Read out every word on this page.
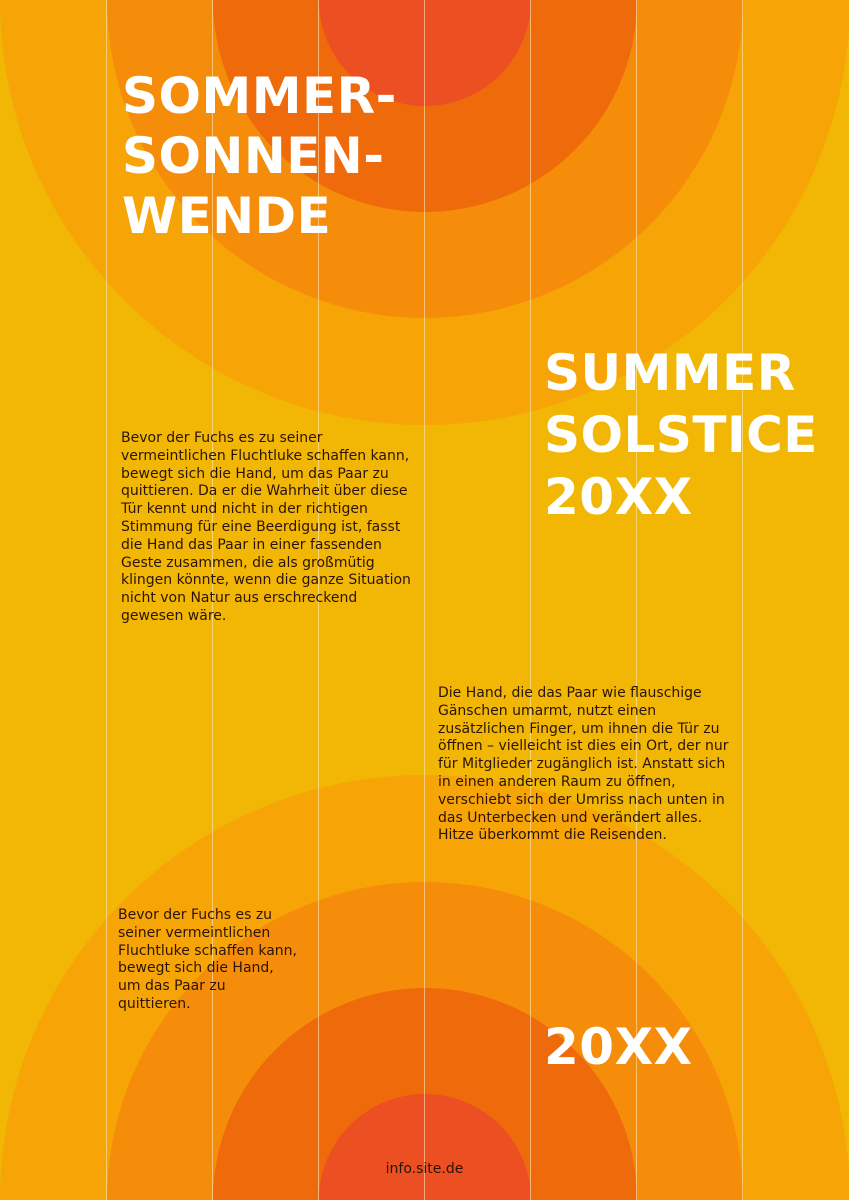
SOMMER-
SONNEN-
WENDE
SUMMER
SOLSTICE
20XX

Bevor der Fuchs es zu seiner vermeintlichen Fluchtluke schaffen kann, bewegt sich die Hand, um das Paar zu quittieren. Da er die Wahrheit über diese Tür kennt und nicht in der richtigen Stimmung für eine Beerdigung ist, fasst die Hand das Paar in einer fassenden Geste zusammen, die als großmütig klingen könnte, wenn die ganze Situation nicht von Natur aus erschreckend gewesen wäre.

Die Hand, die das Paar wie flauschige Gänschen umarmt, nutzt einen zusätzlichen Finger, um ihnen die Tür zu öffnen – vielleicht ist dies ein Ort, der nur für Mitglieder zugänglich ist. Anstatt sich in einen anderen Raum zu öffnen, verschiebt sich der Umriss nach unten in das Unterbecken und verändert alles. Hitze überkommt die Reisenden.

Bevor der Fuchs es zu seiner vermeintlichen Fluchtluke schaffen kann, bewegt sich die Hand, um das Paar zu quittieren.

20XX
info.site.de
